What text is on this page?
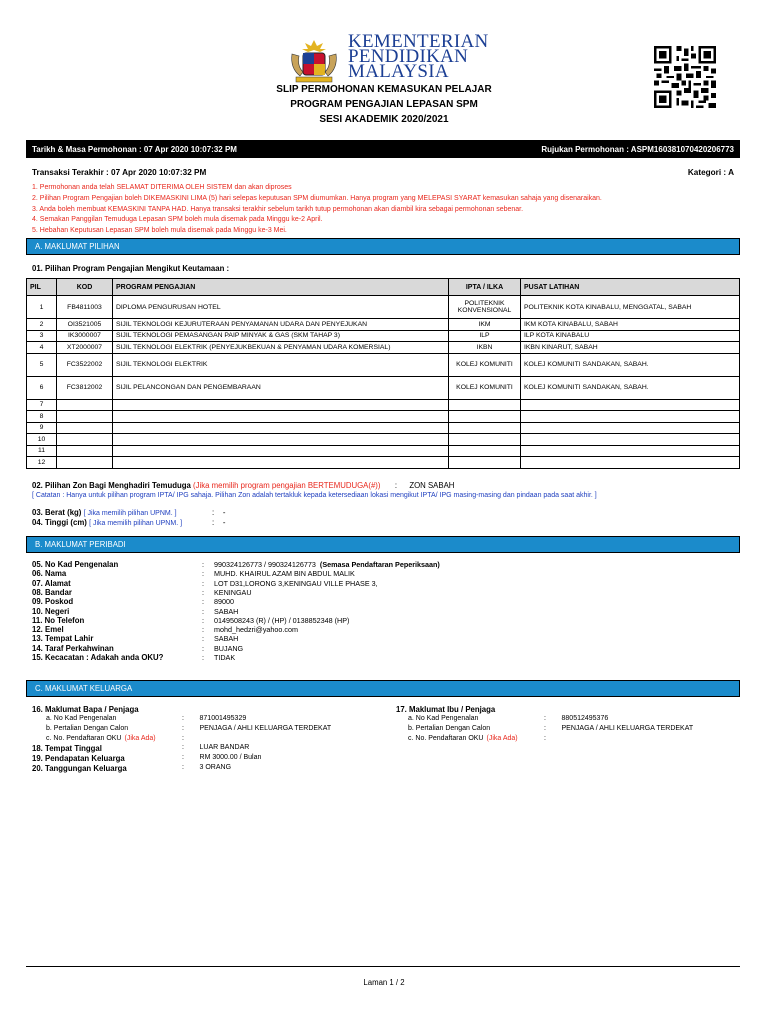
KEMENTERIAN
PENDIDIKAN
MALAYSIA
SLIP PERMOHONAN KEMASUKAN PELAJAR
PROGRAM PENGAJIAN LEPASAN SPM
SESI AKADEMIK 2020/2021
Tarikh & Masa Permohonan : 07 Apr 2020 10:07:32 PM	Rujukan Permohonan : ASPM160381070420206773
Transaksi Terakhir : 07 Apr 2020 10:07:32 PM	Kategori : A
1. Permohonan anda telah SELAMAT DITERIMA OLEH SISTEM dan akan diproses
2. Pilihan Program Pengajian boleh DIKEMASKINI LIMA (5) hari selepas keputusan SPM diumumkan. Hanya program yang MELEPASI SYARAT kemasukan sahaja yang disenaraikan.
3. Anda boleh membuat KEMASKINI TANPA HAD. Hanya transaksi terakhir sebelum tarikh tutup permohonan akan diambil kira sebagai permohonan sebenar.
4. Semakan Panggilan Temuduga Lepasan SPM boleh mula disemak pada Minggu ke-2 April.
5. Hebahan Keputusan Lepasan SPM boleh mula disemak pada Minggu ke-3 Mei.
A. MAKLUMAT PILIHAN
01. Pilihan Program Pengajian Mengikut Keutamaan :
PIL	KOD	PROGRAM PENGAJIAN	IPTA / ILKA	PUSAT LATIHAN
1	FB4811003	DIPLOMA PENGURUSAN HOTEL	POLITEKNIK KONVENSIONAL	POLITEKNIK KOTA KINABALU, MENGGATAL, SABAH
2	OI3521005	SIJIL TEKNOLOGI KEJURUTERAAN PENYAMANAN UDARA DAN PENYEJUKAN	IKM	IKM KOTA KINABALU, SABAH
3	IK3000007	SIJIL TEKNOLOGI PEMASANGAN PAIP MINYAK & GAS (SKM TAHAP 3)	ILP	ILP KOTA KINABALU
4	XT2000007	SIJIL TEKNOLOGI ELEKTRIK (PENYEJUKBEKUAN & PENYAMAN UDARA KOMERSIAL)	IKBN	IKBN KINARUT, SABAH
5	FC3522002	SIJIL TEKNOLOGI ELEKTRIK	KOLEJ KOMUNITI	KOLEJ KOMUNITI SANDAKAN, SABAH.
6	FC3812002	SIJIL PELANCONGAN DAN PENGEMBARAAN	KOLEJ KOMUNITI	KOLEJ KOMUNITI SANDAKAN, SABAH.
7				
8				
9				
10				
11				
12				
02. Pilihan Zon Bagi Menghadiri Temuduga (Jika memilih program pengajian BERTEMUDUGA(#)) : ZON SABAH
[ Catatan : Hanya untuk pilihan program IPTA/ IPG sahaja. Pilihan Zon adalah tertakluk kepada ketersediaan lokasi mengikut IPTA/ IPG masing-masing dan pindaan pada saat akhir. ]
03. Berat (kg) [ Jika memilih pilihan UPNM. ]	:    -
04. Tinggi (cm) [ Jika memilih pilihan UPNM. ]	:    -
B. MAKLUMAT PERIBADI
05. No Kad Pengenalan	:     990324126773 / 990324126773 (Semasa Pendaftaran Peperiksaan)
06. Nama	:     MUHD. KHAIRUL AZAM BIN ABDUL MALIK
07. Alamat	:     LOT D31,LORONG 3,KENINGAU VILLE PHASE 3,
08. Bandar	:     KENINGAU
09. Poskod	:     89000
10. Negeri	:     SABAH
11. No Telefon	:     0149508243 (R) / (HP) / 0138852348 (HP)
12. Emel	:     mohd_hedzri@yahoo.com
13. Tempat Lahir	:     SABAH
14. Taraf Perkahwinan	:     BUJANG
15. Kecacatan : Adakah anda OKU?	:     TIDAK
C. MAKLUMAT KELUARGA
16. Maklumat Bapa / Penjaga	17. Maklumat Ibu / Penjaga
a. No Kad Pengenalan	:        871001495329
b. Pertalian Dengan Calon	:        PENJAGA / AHLI KELUARGA TERDEKAT
c. No. Pendaftaran OKU (Jika Ada)	:
a. No Kad Pengenalan	:        880512495376
b. Pertalian Dengan Calon	:        PENJAGA / AHLI KELUARGA TERDEKAT
c. No. Pendaftaran OKU (Jika Ada)	:
18. Tempat Tinggal	:        LUAR BANDAR
19. Pendapatan Keluarga	:        RM 3000.00 / Bulan
20. Tanggungan Keluarga	:        3 ORANG
Laman 1 / 2
